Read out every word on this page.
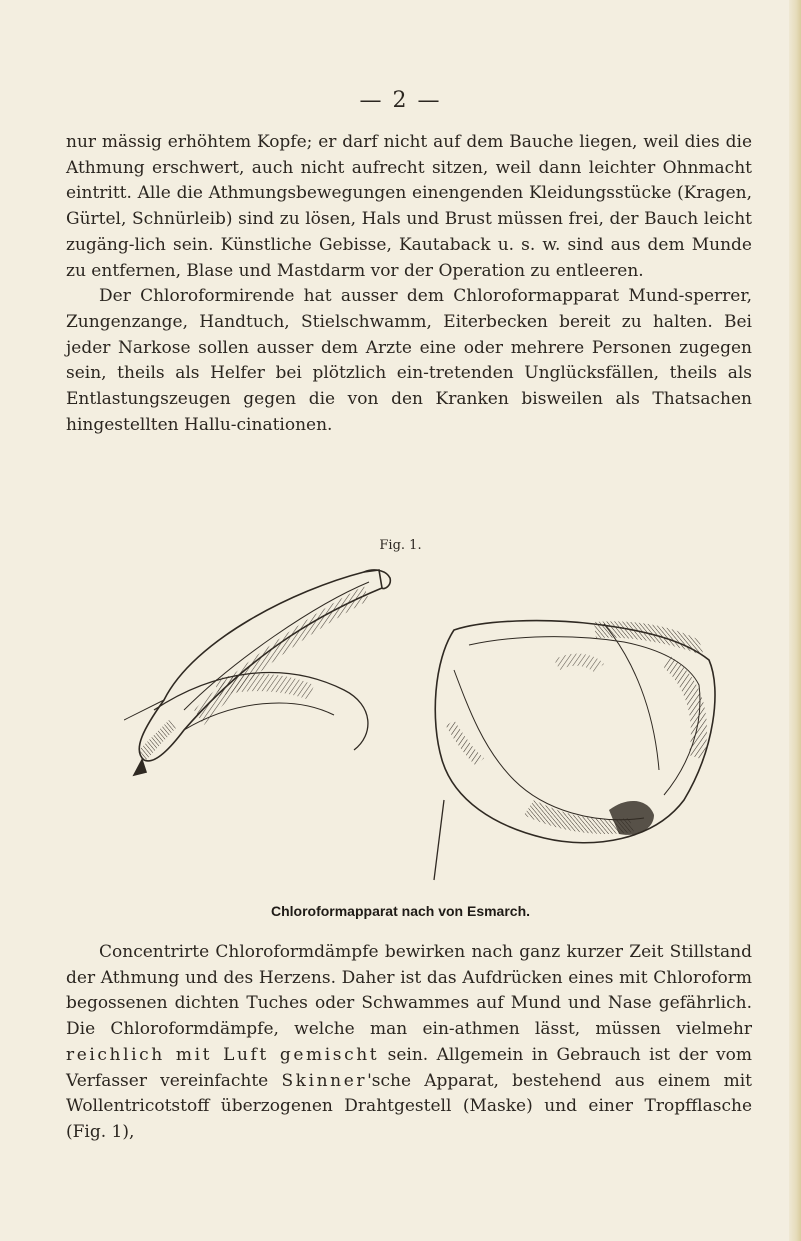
— 2 —

nur mässig erhöhtem Kopfe; er darf nicht auf dem Bauche liegen, weil dies die Athmung erschwert, auch nicht aufrecht sitzen, weil dann leichter Ohnmacht eintritt. Alle die Athmungsbewegungen einengenden Kleidungsstücke (Kragen, Gürtel, Schnürleib) sind zu lösen, Hals und Brust müssen frei, der Bauch leicht zugäng-lich sein. Künstliche Gebisse, Kautaback u. s. w. sind aus dem Munde zu entfernen, Blase und Mastdarm vor der Operation zu entleeren.

Der Chloroformirende hat ausser dem Chloroformapparat Mund-sperrer, Zungenzange, Handtuch, Stielschwamm, Eiterbecken bereit zu halten. Bei jeder Narkose sollen ausser dem Arzte eine oder mehrere Personen zugegen sein, theils als Helfer bei plötzlich ein-tretenden Unglücksfällen, theils als Entlastungszeugen gegen die von den Kranken bisweilen als Thatsachen hingestellten Hallu-cinationen.

Fig. 1.
Chloroformapparat nach von Esmarch.

Concentrirte Chloroformdämpfe bewirken nach ganz kurzer Zeit Stillstand der Athmung und des Herzens. Daher ist das Aufdrücken eines mit Chloroform begossenen dichten Tuches oder Schwammes auf Mund und Nase gefährlich. Die Chloroformdämpfe, welche man ein-athmen lässt, müssen vielmehr reichlich mit Luft gemischt sein. Allgemein in Gebrauch ist der vom Verfasser vereinfachte Skinner'sche Apparat, bestehend aus einem mit Wollentricotstoff überzogenen Drahtgestell (Maske) und einer Tropfflasche (Fig. 1),
